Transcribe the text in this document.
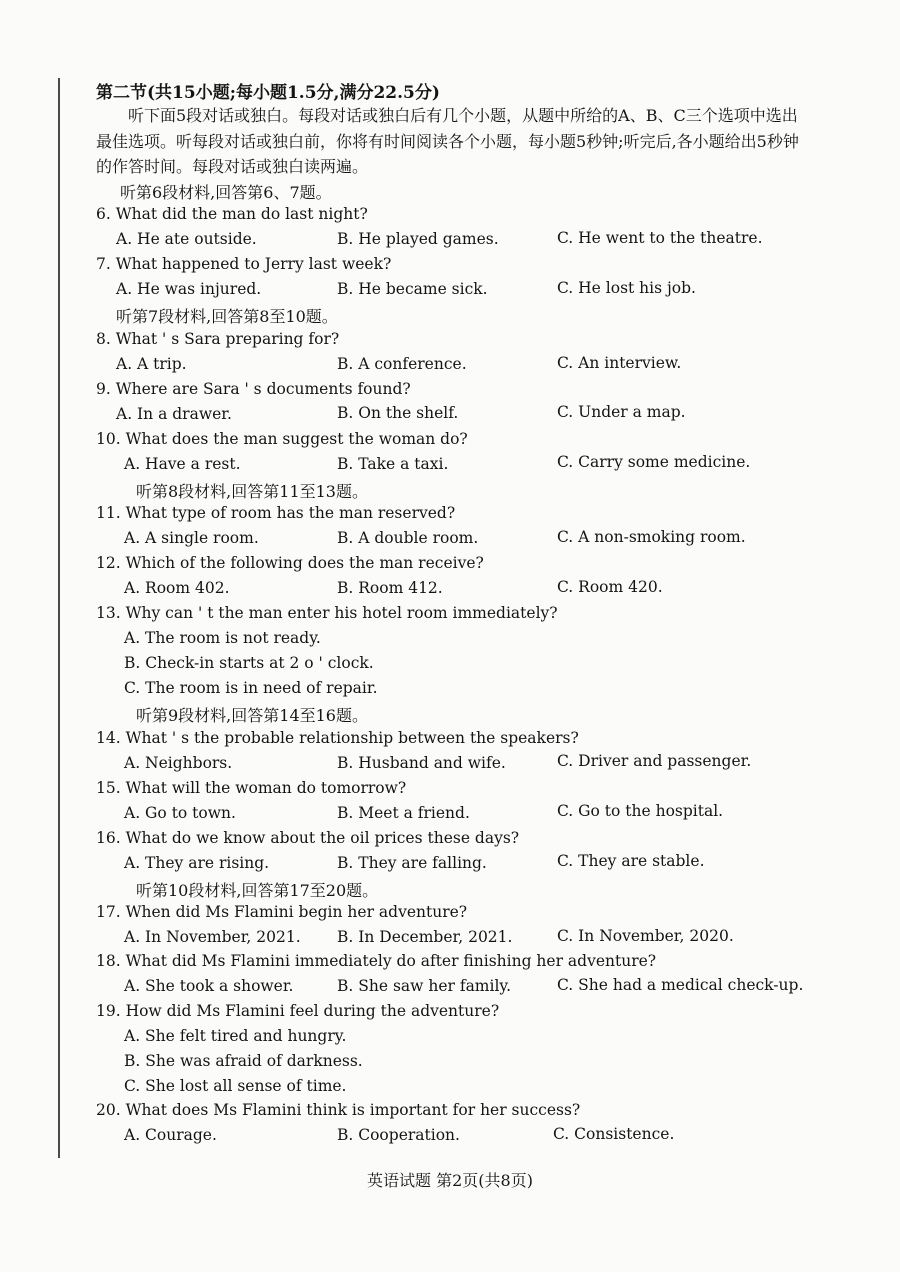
第二节(共15小题;每小题1.5分,满分22.5分)
听下面5段对话或独白。每段对话或独白后有几个小题，从题中所给的A、B、C三个选项中选出最佳选项。听每段对话或独白前，你将有时间阅读各个小题，每小题5秒钟;听完后,各小题给出5秒钟的作答时间。每段对话或独白读两遍。
听第6段材料,回答第6、7题。
6. What did the man do last night?
A. He ate outside.	B. He played games.	C. He went to the theatre.
7. What happened to Jerry last week?
A. He was injured.	B. He became sick.	C. He lost his job.
听第7段材料,回答第8至10题。
8. What ' s Sara preparing for?
A. A trip.	B. A conference.	C. An interview.
9. Where are Sara ' s documents found?
A. In a drawer.	B. On the shelf.	C. Under a map.
10. What does the man suggest the woman do?
A. Have a rest.	B. Take a taxi.	C. Carry some medicine.
听第8段材料,回答第11至13题。
11. What type of room has the man reserved?
A. A single room.	B. A double room.	C. A non-smoking room.
12. Which of the following does the man receive?
A. Room 402.	B. Room 412.	C. Room 420.
13. Why can ' t the man enter his hotel room immediately?
A. The room is not ready.
B. Check-in starts at 2 o ' clock.
C. The room is in need of repair.
听第9段材料,回答第14至16题。
14. What ' s the probable relationship between the speakers?
A. Neighbors.	B. Husband and wife.	C. Driver and passenger.
15. What will the woman do tomorrow?
A. Go to town.	B. Meet a friend.	C. Go to the hospital.
16. What do we know about the oil prices these days?
A. They are rising.	B. They are falling.	C. They are stable.
听第10段材料,回答第17至20题。
17. When did Ms Flamini begin her adventure?
A. In November, 2021. B. In December, 2021.	C. In November, 2020.
18. What did Ms Flamini immediately do after finishing her adventure?
A. She took a shower.	B. She saw her family.	C. She had a medical check-up.
19. How did Ms Flamini feel during the adventure?
A. She felt tired and hungry.
B. She was afraid of darkness.
C. She lost all sense of time.
20. What does Ms Flamini think is important for her success?
A. Courage.	B. Cooperation.	C. Consistence.
英语试题 第2页(共8页)
